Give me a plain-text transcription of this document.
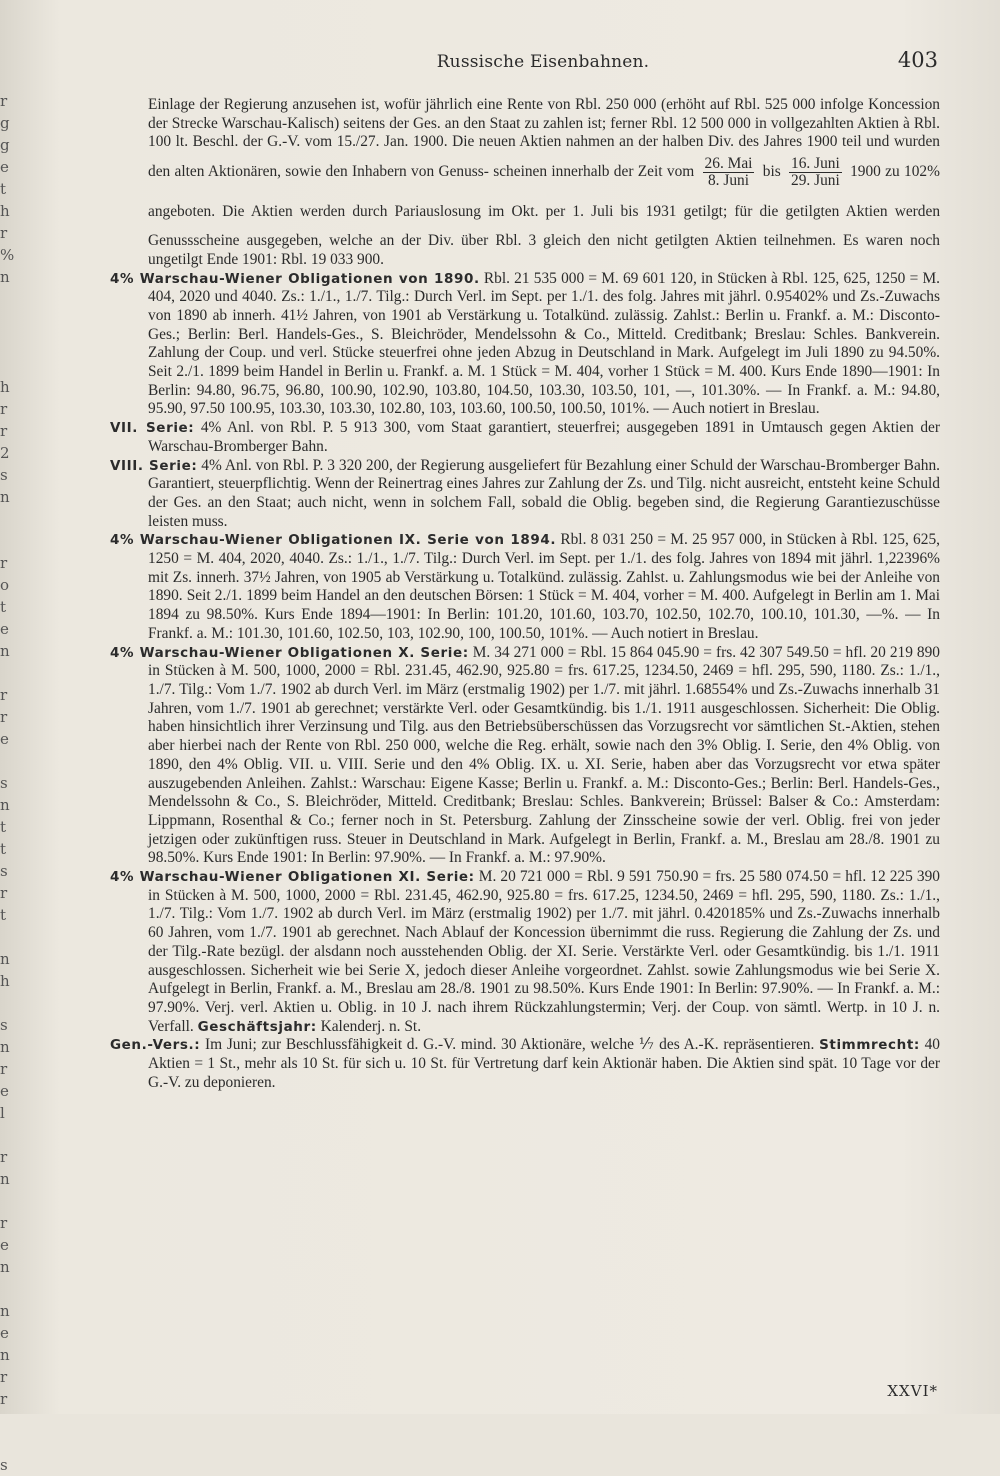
r
g
g
e
t
h
r
%
n
h
r
r
2
s
n
r
o
t
e
n
r
r
e
s
n
t
t
s
r
t
n
h
s
n
r
e
l
r
n
r
e
n
n
e
n
r
r
s
Russische Eisenbahnen.	403

Einlage der Regierung anzusehen ist, wofür jährlich eine Rente von Rbl. 250 000 (erhöht auf Rbl. 525 000 infolge Koncession der Strecke Warschau-Kalisch) seitens der Ges. an den Staat zu zahlen ist; ferner Rbl. 12 500 000 in vollgezahlten Aktien à Rbl. 100 lt. Beschl. der G.-V. vom 15./27. Jan. 1900. Die neuen Aktien nahmen an der halben Div. des Jahres 1900 teil und wurden den alten Aktionären, sowie den Inhabern von Genuss- scheinen innerhalb der Zeit vom $\frac{\text{26. Mai}}{\text{8. Juni}}$ bis $\frac{\text{16. Juni}}{\text{29. Juni}} 1900$ zu 102% angeboten. Die Aktien werden durch Pariauslosung im Okt. per 1. Juli bis 1931 getilgt; für die getilgten Aktien werden Genussscheine ausgegeben, welche an der Div. über Rbl. 3 gleich den nicht getilgten Aktien teilnehmen. Es waren noch ungetilgt Ende 1901: Rbl. 19 033 900.

4% Warschau-Wiener Obligationen von 1890. Rbl. 21 535 000 = M. 69 601 120, in Stücken à Rbl. 125, 625, 1250 = M. 404, 2020 und 4040. Zs.: 1./1., 1./7. Tilg.: Durch Verl. im Sept. per 1./1. des folg. Jahres mit jährl. 0.95402% und Zs.-Zuwachs von 1890 ab innerh. 41½ Jahren, von 1901 ab Verstärkung u. Totalkünd. zulässig. Zahlst.: Berlin u. Frankf. a. M.: Disconto-Ges.; Berlin: Berl. Handels-Ges., S. Bleichröder, Mendelssohn & Co., Mitteld. Creditbank; Breslau: Schles. Bankverein. Zahlung der Coup. und verl. Stücke steuerfrei ohne jeden Abzug in Deutschland in Mark. Aufgelegt im Juli 1890 zu 94.50%. Seit 2./1. 1899 beim Handel in Berlin u. Frankf. a. M. 1 Stück = M. 404, vorher 1 Stück = M. 400. Kurs Ende 1890—1901: In Berlin: 94.80, 96.75, 96.80, 100.90, 102.90, 103.80, 104.50, 103.30, 103.50, 101, —, 101.30%. — In Frankf. a. M.: 94.80, 95.90, 97.50 100.95, 103.30, 103.30, 102.80, 103, 103.60, 100.50, 100.50, 101%. — Auch notiert in Breslau.

VII. Serie: 4% Anl. von Rbl. P. 5 913 300, vom Staat garantiert, steuerfrei; ausgegeben 1891 in Umtausch gegen Aktien der Warschau-Bromberger Bahn.

VIII. Serie: 4% Anl. von Rbl. P. 3 320 200, der Regierung ausgeliefert für Bezahlung einer Schuld der Warschau-Bromberger Bahn. Garantiert, steuerpflichtig. Wenn der Reinertrag eines Jahres zur Zahlung der Zs. und Tilg. nicht ausreicht, entsteht keine Schuld der Ges. an den Staat; auch nicht, wenn in solchem Fall, sobald die Oblig. begeben sind, die Regierung Garantiezuschüsse leisten muss.

4% Warschau-Wiener Obligationen IX. Serie von 1894. Rbl. 8 031 250 = M. 25 957 000, in Stücken à Rbl. 125, 625, 1250 = M. 404, 2020, 4040. Zs.: 1./1., 1./7. Tilg.: Durch Verl. im Sept. per 1./1. des folg. Jahres von 1894 mit jährl. 1,22396% mit Zs. innerh. 37½ Jahren, von 1905 ab Verstärkung u. Totalkünd. zulässig. Zahlst. u. Zahlungsmodus wie bei der Anleihe von 1890. Seit 2./1. 1899 beim Handel an den deutschen Börsen: 1 Stück = M. 404, vorher = M. 400. Aufgelegt in Berlin am 1. Mai 1894 zu 98.50%. Kurs Ende 1894—1901: In Berlin: 101.20, 101.60, 103.70, 102.50, 102.70, 100.10, 101.30, —%. — In Frankf. a. M.: 101.30, 101.60, 102.50, 103, 102.90, 100, 100.50, 101%. — Auch notiert in Breslau.

4% Warschau-Wiener Obligationen X. Serie: M. 34 271 000 = Rbl. 15 864 045.90 = frs. 42 307 549.50 = hfl. 20 219 890 in Stücken à M. 500, 1000, 2000 = Rbl. 231.45, 462.90, 925.80 = frs. 617.25, 1234.50, 2469 = hfl. 295, 590, 1180. Zs.: 1./1., 1./7. Tilg.: Vom 1./7. 1902 ab durch Verl. im März (erstmalig 1902) per 1./7. mit jährl. 1.68554% und Zs.-Zuwachs innerhalb 31 Jahren, vom 1./7. 1901 ab gerechnet; verstärkte Verl. oder Gesamtkündig. bis 1./1. 1911 ausgeschlossen. Sicherheit: Die Oblig. haben hinsichtlich ihrer Verzinsung und Tilg. aus den Betriebsüberschüssen das Vorzugsrecht vor sämtlichen St.-Aktien, stehen aber hierbei nach der Rente von Rbl. 250 000, welche die Reg. erhält, sowie nach den 3% Oblig. I. Serie, den 4% Oblig. von 1890, den 4% Oblig. VII. u. VIII. Serie und den 4% Oblig. IX. u. XI. Serie, haben aber das Vorzugsrecht vor etwa später auszugebenden Anleihen. Zahlst.: Warschau: Eigene Kasse; Berlin u. Frankf. a. M.: Disconto-Ges.; Berlin: Berl. Handels-Ges., Mendelssohn & Co., S. Bleichröder, Mitteld. Creditbank; Breslau: Schles. Bankverein; Brüssel: Balser & Co.: Amsterdam: Lippmann, Rosenthal & Co.; ferner noch in St. Petersburg. Zahlung der Zinsscheine sowie der verl. Oblig. frei von jeder jetzigen oder zukünftigen russ. Steuer in Deutschland in Mark. Aufgelegt in Berlin, Frankf. a. M., Breslau am 28./8. 1901 zu 98.50%. Kurs Ende 1901: In Berlin: 97.90%. — In Frankf. a. M.: 97.90%.

4% Warschau-Wiener Obligationen XI. Serie: M. 20 721 000 = Rbl. 9 591 750.90 = frs. 25 580 074.50 = hfl. 12 225 390 in Stücken à M. 500, 1000, 2000 = Rbl. 231.45, 462.90, 925.80 = frs. 617.25, 1234.50, 2469 = hfl. 295, 590, 1180. Zs.: 1./1., 1./7. Tilg.: Vom 1./7. 1902 ab durch Verl. im März (erstmalig 1902) per 1./7. mit jährl. 0.420185% und Zs.-Zuwachs innerhalb 60 Jahren, vom 1./7. 1901 ab gerechnet. Nach Ablauf der Koncession übernimmt die russ. Regierung die Zahlung der Zs. und der Tilg.-Rate bezügl. der alsdann noch ausstehenden Oblig. der XI. Serie. Verstärkte Verl. oder Gesamtkündig. bis 1./1. 1911 ausgeschlossen. Sicherheit wie bei Serie X, jedoch dieser Anleihe vorgeordnet. Zahlst. sowie Zahlungsmodus wie bei Serie X. Aufgelegt in Berlin, Frankf. a. M., Breslau am 28./8. 1901 zu 98.50%. Kurs Ende 1901: In Berlin: 97.90%. — In Frankf. a. M.: 97.90%. Verj. verl. Aktien u. Oblig. in 10 J. nach ihrem Rückzahlungstermin; Verj. der Coup. von sämtl. Wertp. in 10 J. n. Verfall. Geschäftsjahr: Kalenderj. n. St.

Gen.-Vers.: Im Juni; zur Beschlussfähigkeit d. G.-V. mind. 30 Aktionäre, welche ⅐ des A.-K. repräsentieren. Stimmrecht: 40 Aktien = 1 St., mehr als 10 St. für sich u. 10 St. für Vertretung darf kein Aktionär haben. Die Aktien sind spät. 10 Tage vor der G.-V. zu deponieren.

XXVI*
